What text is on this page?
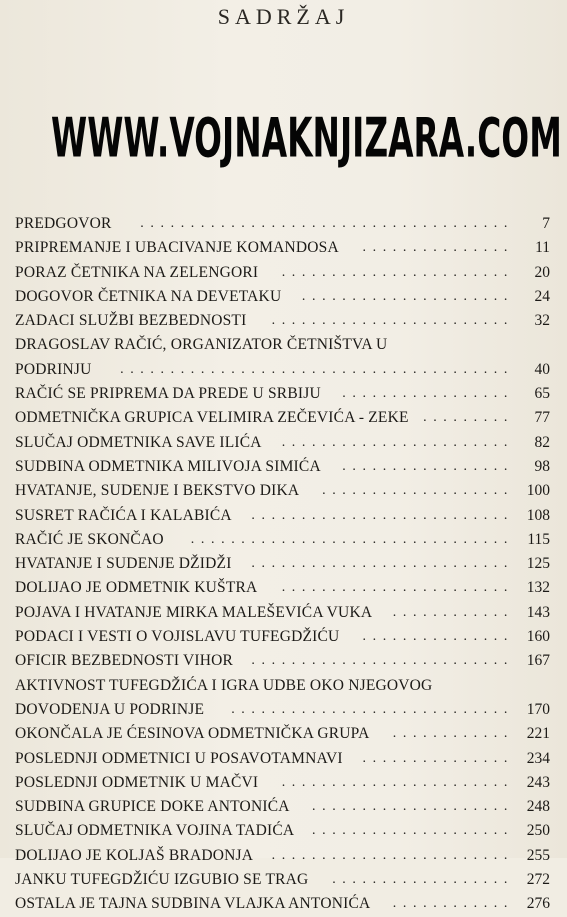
SADRŽAJ
WWW.VOJNAKNJIZARA.COM
PREDGOVOR	7
.....................................
PRIPREMANJE I UBACIVANJE KOMANDOSA	11
...............
PORAZ ČETNIKA NA ZELENGORI	20
.......................
DOGOVOR ČETNIKA NA DEVETAKU	24
.....................
ZADACI SLUŽBI BEZBEDNOSTI	32
........................
DRAGOSLAV RAČIĆ, ORGANIZATOR ČETNIŠTVA U
PODRINJU	40
.......................................
RAČIĆ SE PRIPREMA DA PREDE U SRBIJU	65
.................
ODMETNIČKA GRUPICA VELIMIRA ZEČEVIĆA - ZEKE	77
.........
SLUČAJ ODMETNIKA SAVE ILIĆA	82
.......................
SUDBINA ODMETNIKA MILIVOJA SIMIĆA	98
.................
HVATANJE, SUDENJE I BEKSTVO DIKA	100
...................
SUSRET RAČIĆA I KALABIĆA	108
..........................
RAČIĆ JE SKONČAO	115
................................
HVATANJE I SUDENJE DŽIDŽI	125
..........................
DOLIJAO JE ODMETNIK KUŠTRA	132
.......................
POJAVA I HVATANJE MIRKA MALEŠEVIĆA VUKA	143
............
PODACI I VESTI O VOJISLAVU TUFEGDŽIĆU	160
...............
OFICIR BEZBEDNOSTI VIHOR	167
..........................
AKTIVNOST TUFEGDŽIĆA I IGRA UDBE OKO NJEGOVOG
DOVODENJA U PODRINJE	170
............................
OKONČALA JE ĆESINOVA ODMETNIČKA GRUPA	221
............
POSLEDNJI ODMETNICI U POSAVOTAMNAVI	234
...............
POSLEDNJI ODMETNIK U MAČVI	243
.......................
SUDBINA GRUPICE DOKE ANTONIĆA	248
....................
SLUČAJ ODMETNIKA VOJINA TADIĆA	250
....................
DOLIJAO JE KOLJAŠ BRADONJA	255
........................
JANKU TUFEGDŽIĆU IZGUBIO SE TRAG	272
..................
OSTALA JE TAJNA SUDBINA VLAJKA ANTONIĆA	276
............
